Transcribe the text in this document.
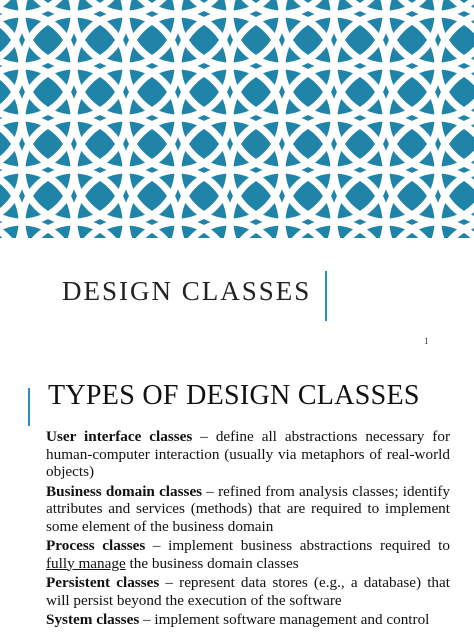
DESIGN CLASSES
1
TYPES OF DESIGN CLASSES

User interface classes – define all abstractions necessary for human-computer interaction (usually via metaphors of real-world objects)

Business domain classes – refined from analysis classes; identify attributes and services (methods) that are required to implement some element of the business domain

Process classes – implement business abstractions required to fully manage the business domain classes

Persistent classes – represent data stores (e.g., a database) that will persist beyond the execution of the software

System classes – implement software management and control
